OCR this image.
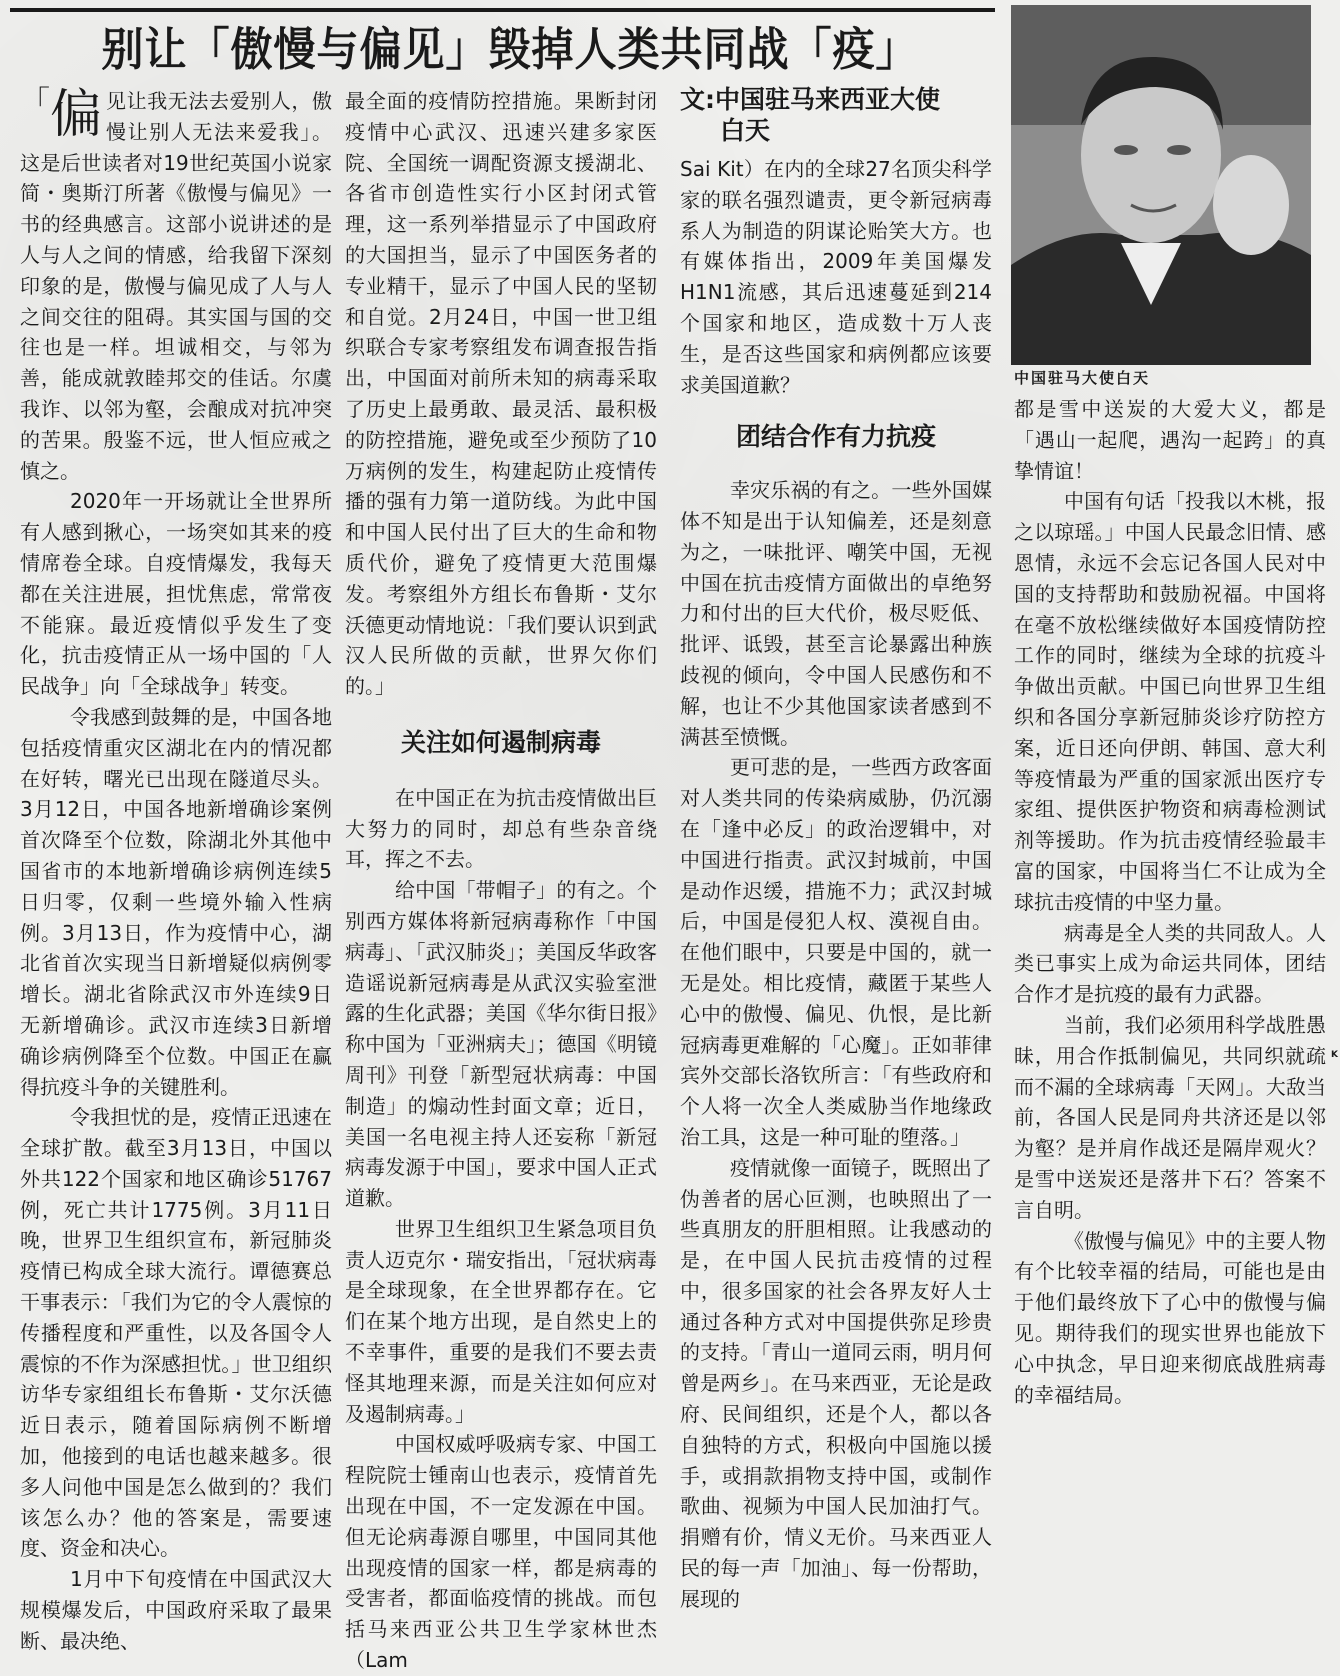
别让「傲慢与偏见」毁掉人类共同战「疫」
文:中国驻马来西亚大使
白天
中国驻马大使白天

「 偏 见让我无法去爱别人，傲慢让别人无法来爱我」。这是后世读者对19世纪英国小说家简・奥斯汀所著《傲慢与偏见》一书的经典感言。这部小说讲述的是人与人之间的情感，给我留下深刻印象的是，傲慢与偏见成了人与人之间交往的阻碍。其实国与国的交往也是一样。坦诚相交，与邻为善，能成就敦睦邦交的佳话。尔虞我诈、以邻为壑，会酿成对抗冲突的苦果。殷鉴不远，世人恒应戒之慎之。

2020年一开场就让全世界所有人感到揪心，一场突如其来的疫情席卷全球。自疫情爆发，我每天都在关注进展，担忧焦虑，常常夜不能寐。最近疫情似乎发生了变化，抗击疫情正从一场中国的「人民战争」向「全球战争」转变。

令我感到鼓舞的是，中国各地包括疫情重灾区湖北在内的情况都在好转，曙光已出现在隧道尽头。3月12日，中国各地新增确诊案例首次降至个位数，除湖北外其他中国省市的本地新增确诊病例连续5日归零，仅剩一些境外输入性病例。3月13日，作为疫情中心，湖北省首次实现当日新增疑似病例零增长。湖北省除武汉市外连续9日无新增确诊。武汉市连续3日新增确诊病例降至个位数。中国正在赢得抗疫斗争的关键胜利。

令我担忧的是，疫情正迅速在全球扩散。截至3月13日，中国以外共122个国家和地区确诊51767例，死亡共计1775例。3月11日晚，世界卫生组织宣布，新冠肺炎疫情已构成全球大流行。谭德赛总干事表示：「我们为它的令人震惊的传播程度和严重性，以及各国令人震惊的不作为深感担忧。」世卫组织访华专家组组长布鲁斯・艾尔沃德近日表示，随着国际病例不断增加，他接到的电话也越来越多。很多人问他中国是怎么做到的？我们该怎么办？他的答案是，需要速度、资金和决心。

1月中下旬疫情在中国武汉大规模爆发后，中国政府采取了最果断、最决绝、

最全面的疫情防控措施。果断封闭疫情中心武汉、迅速兴建多家医院、全国统一调配资源支援湖北、各省市创造性实行小区封闭式管理，这一系列举措显示了中国政府的大国担当，显示了中国医务者的专业精干，显示了中国人民的坚韧和自觉。2月24日，中国一世卫组织联合专家考察组发布调查报告指出，中国面对前所未知的病毒采取了历史上最勇敢、最灵活、最积极的防控措施，避免或至少预防了10万病例的发生，构建起防止疫情传播的强有力第一道防线。为此中国和中国人民付出了巨大的生命和物质代价，避免了疫情更大范围爆发。考察组外方组长布鲁斯・艾尔沃德更动情地说：「我们要认识到武汉人民所做的贡献，世界欠你们的。」

关注如何遏制病毒

在中国正在为抗击疫情做出巨大努力的同时，却总有些杂音绕耳，挥之不去。

给中国「带帽子」的有之。个别西方媒体将新冠病毒称作「中国病毒」、「武汉肺炎」；美国反华政客造谣说新冠病毒是从武汉实验室泄露的生化武器；美国《华尔街日报》称中国为「亚洲病夫」；德国《明镜周刊》刊登「新型冠状病毒：中国制造」的煽动性封面文章；近日，美国一名电视主持人还妄称「新冠病毒发源于中国」，要求中国人正式道歉。

世界卫生组织卫生紧急项目负责人迈克尔・瑞安指出，「冠状病毒是全球现象，在全世界都存在。它们在某个地方出现，是自然史上的不幸事件，重要的是我们不要去责怪其地理来源，而是关注如何应对及遏制病毒。」

中国权威呼吸病专家、中国工程院院士锺南山也表示，疫情首先出现在中国，不一定发源在中国。但无论病毒源自哪里，中国同其他出现疫情的国家一样，都是病毒的受害者，都面临疫情的挑战。而包括马来西亚公共卫生学家林世杰（Lam

Sai Kit）在内的全球27名顶尖科学家的联名强烈谴责，更令新冠病毒系人为制造的阴谋论贻笑大方。也有媒体指出，2009年美国爆发H1N1流感，其后迅速蔓延到214个国家和地区，造成数十万人丧生，是否这些国家和病例都应该要求美国道歉？

团结合作有力抗疫

幸灾乐祸的有之。一些外国媒体不知是出于认知偏差，还是刻意为之，一味批评、嘲笑中国，无视中国在抗击疫情方面做出的卓绝努力和付出的巨大代价，极尽贬低、批评、诋毁，甚至言论暴露出种族歧视的倾向，令中国人民感伤和不解，也让不少其他国家读者感到不满甚至愤慨。

更可悲的是，一些西方政客面对人类共同的传染病威胁，仍沉溺在「逢中必反」的政治逻辑中，对中国进行指责。武汉封城前，中国是动作迟缓，措施不力；武汉封城后，中国是侵犯人权、漠视自由。在他们眼中，只要是中国的，就一无是处。相比疫情，藏匿于某些人心中的傲慢、偏见、仇恨，是比新冠病毒更难解的「心魔」。正如菲律宾外交部长洛钦所言：「有些政府和个人将一次全人类威胁当作地缘政治工具，这是一种可耻的堕落。」

疫情就像一面镜子，既照出了伪善者的居心叵测，也映照出了一些真朋友的肝胆相照。让我感动的是，在中国人民抗击疫情的过程中，很多国家的社会各界友好人士通过各种方式对中国提供弥足珍贵的支持。「青山一道同云雨，明月何曾是两乡」。在马来西亚，无论是政府、民间组织，还是个人，都以各自独特的方式，积极向中国施以援手，或捐款捐物支持中国，或制作歌曲、视频为中国人民加油打气。捐赠有价，情义无价。马来西亚人民的每一声「加油」、每一份帮助，展现的

都是雪中送炭的大爱大义，都是「遇山一起爬，遇沟一起跨」的真挚情谊！

中国有句话「投我以木桃，报之以琼瑶。」中国人民最念旧情、感恩情，永远不会忘记各国人民对中国的支持帮助和鼓励祝福。中国将在毫不放松继续做好本国疫情防控工作的同时，继续为全球的抗疫斗争做出贡献。中国已向世界卫生组织和各国分享新冠肺炎诊疗防控方案，近日还向伊朗、韩国、意大利等疫情最为严重的国家派出医疗专家组、提供医护物资和病毒检测试剂等援助。作为抗击疫情经验最丰富的国家，中国将当仁不让成为全球抗击疫情的中坚力量。

病毒是全人类的共同敌人。人类已事实上成为命运共同体，团结合作才是抗疫的最有力武器。

当前，我们必须用科学战胜愚昧，用合作抵制偏见，共同织就疏而不漏的全球病毒「天网」。大敌当前，各国人民是同舟共济还是以邻为壑？是并肩作战还是隔岸观火？是雪中送炭还是落井下石？答案不言自明。

《傲慢与偏见》中的主要人物有个比较幸福的结局，可能也是由于他们最终放下了心中的傲慢与偏见。期待我们的现实世界也能放下心中执念，早日迎来彻底战胜病毒的幸福结局。

K
